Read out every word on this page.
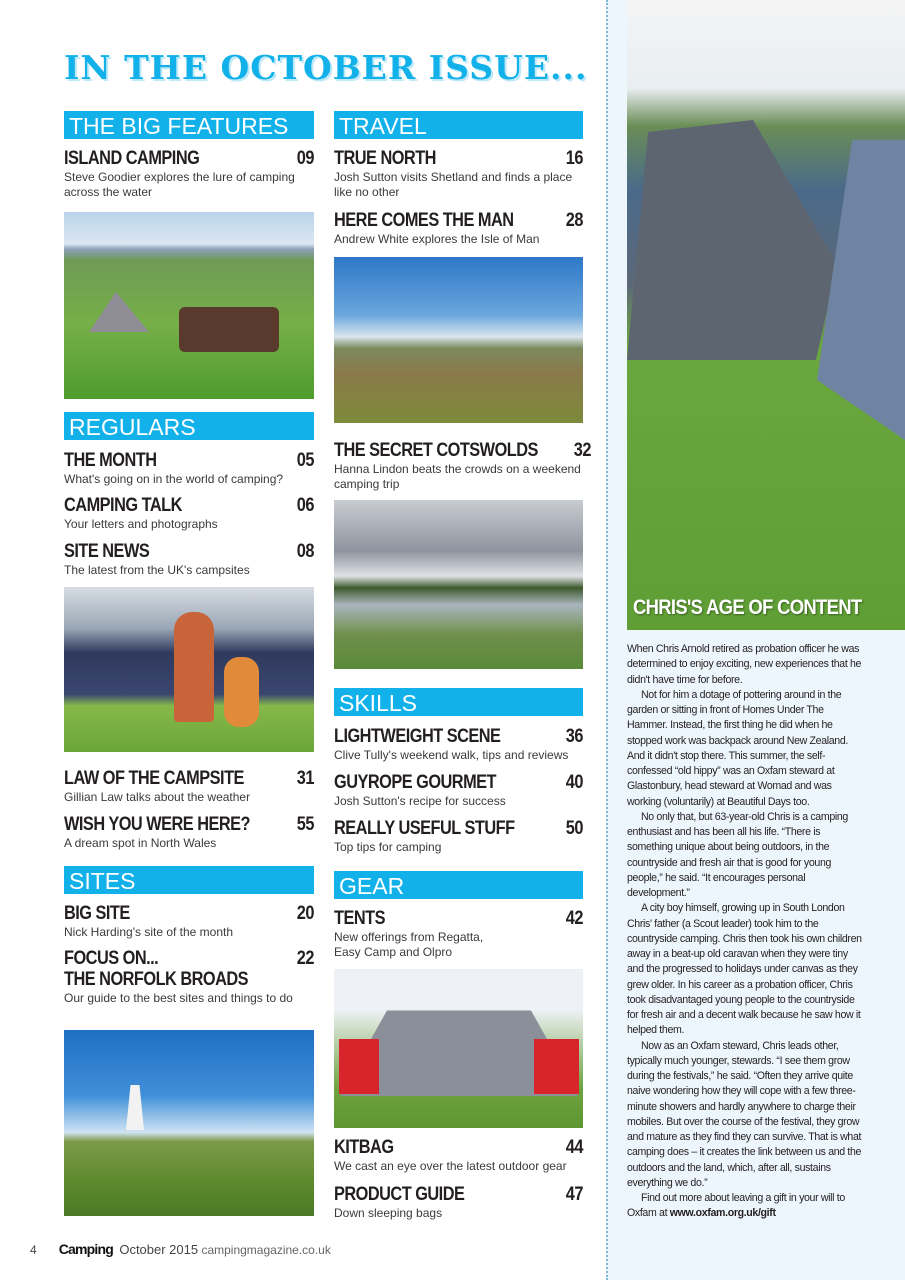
IN THE OCTOBER ISSUE...
THE BIG FEATURES
ISLAND CAMPING	09
Steve Goodier explores the lure of camping across the water
REGULARS
THE MONTH	05
What's going on in the world of camping?
CAMPING TALK	06
Your letters and photographs
SITE NEWS	08
The latest from the UK's campsites
LAW OF THE CAMPSITE	31
Gillian Law talks about the weather
WISH YOU WERE HERE? 55
A dream spot in North Wales
SITES
BIG SITE	20
Nick Harding's site of the month
FOCUS ON...	22
THE NORFOLK BROADS
Our guide to the best sites and things to do
TRAVEL
TRUE NORTH	16
Josh Sutton visits Shetland and finds a place like no other
HERE COMES THE MAN	28
Andrew White explores the Isle of Man
THE SECRET COTSWOLDS 32
Hanna Lindon beats the crowds on a weekend camping trip
SKILLS
LIGHTWEIGHT SCENE	36
Clive Tully's weekend walk, tips and reviews
GUYROPE GOURMET	40
Josh Sutton's recipe for success
REALLY USEFUL STUFF	50
Top tips for camping
GEAR
TENTS	42
New offerings from Regatta, Easy Camp and Olpro
KITBAG	44
We cast an eye over the latest outdoor gear
PRODUCT GUIDE	47
Down sleeping bags
CHRIS'S AGE OF CONTENT

When Chris Arnold retired as probation officer he was determined to enjoy exciting, new experiences that he didn't have time for before.

Not for him a dotage of pottering around in the garden or sitting in front of Homes Under The Hammer. Instead, the first thing he did when he stopped work was backpack around New Zealand. And it didn't stop there. This summer, the self-confessed “old hippy” was an Oxfam steward at Glastonbury, head steward at Womad and was working (voluntarily) at Beautiful Days too.

No only that, but 63-year-old Chris is a camping enthusiast and has been all his life. “There is something unique about being outdoors, in the countryside and fresh air that is good for young people,” he said. “It encourages personal development.”

A city boy himself, growing up in South London Chris' father (a Scout leader) took him to the countryside camping. Chris then took his own children away in a beat-up old caravan when they were tiny and the progressed to holidays under canvas as they grew older. In his career as a probation officer, Chris took disadvantaged young people to the countryside for fresh air and a decent walk because he saw how it helped them.

Now as an Oxfam steward, Chris leads other, typically much younger, stewards. “I see them grow during the festivals,” he said. “Often they arrive quite naive wondering how they will cope with a few three-minute showers and hardly anywhere to charge their mobiles. But over the course of the festival, they grow and mature as they find they can survive. That is what camping does – it creates the link between us and the outdoors and the land, which, after all, sustains everything we do.”

Find out more about leaving a gift in your will to Oxfam at www.oxfam.org.uk/gift

4 Camping October 2015 campingmagazine.co.uk
